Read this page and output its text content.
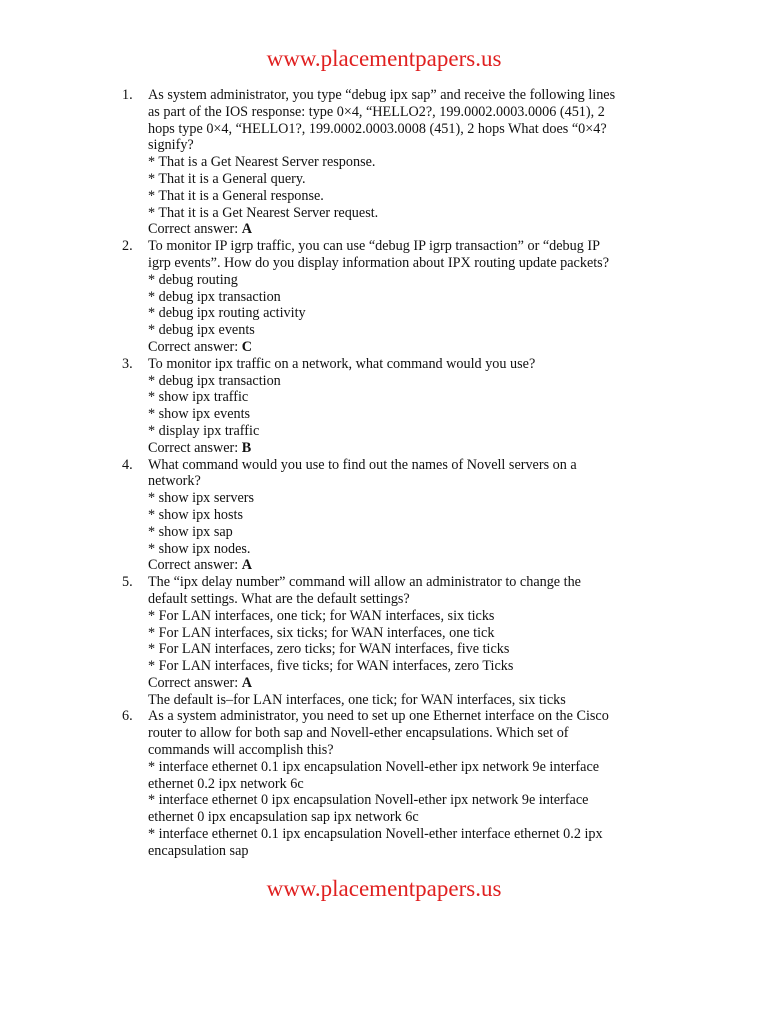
www.placementpapers.us
1. As system administrator, you type “debug ipx sap” and receive the following lines
as part of the IOS response: type 0×4, “HELLO2?, 199.0002.0003.0006 (451), 2
hops type 0×4, “HELLO1?, 199.0002.0003.0008 (451), 2 hops What does “0×4?
signify?
* That is a Get Nearest Server response.
* That it is a General query.
* That it is a General response.
* That it is a Get Nearest Server request.
Correct answer: A
2. To monitor IP igrp traffic, you can use “debug IP igrp transaction” or “debug IP
igrp events”. How do you display information about IPX routing update packets?
* debug routing
* debug ipx transaction
* debug ipx routing activity
* debug ipx events
Correct answer: C
3. To monitor ipx traffic on a network, what command would you use?
* debug ipx transaction
* show ipx traffic
* show ipx events
* display ipx traffic
Correct answer: B
4. What command would you use to find out the names of Novell servers on a
network?
* show ipx servers
* show ipx hosts
* show ipx sap
* show ipx nodes.
Correct answer: A
5. The “ipx delay number” command will allow an administrator to change the
default settings. What are the default settings?
* For LAN interfaces, one tick; for WAN interfaces, six ticks
* For LAN interfaces, six ticks; for WAN interfaces, one tick
* For LAN interfaces, zero ticks; for WAN interfaces, five ticks
* For LAN interfaces, five ticks; for WAN interfaces, zero Ticks
Correct answer: A
The default is–for LAN interfaces, one tick; for WAN interfaces, six ticks
6. As a system administrator, you need to set up one Ethernet interface on the Cisco
router to allow for both sap and Novell-ether encapsulations. Which set of
commands will accomplish this?
* interface ethernet 0.1 ipx encapsulation Novell-ether ipx network 9e interface
ethernet 0.2 ipx network 6c
* interface ethernet 0 ipx encapsulation Novell-ether ipx network 9e interface
ethernet 0 ipx encapsulation sap ipx network 6c
* interface ethernet 0.1 ipx encapsulation Novell-ether interface ethernet 0.2 ipx
encapsulation sap
www.placementpapers.us
